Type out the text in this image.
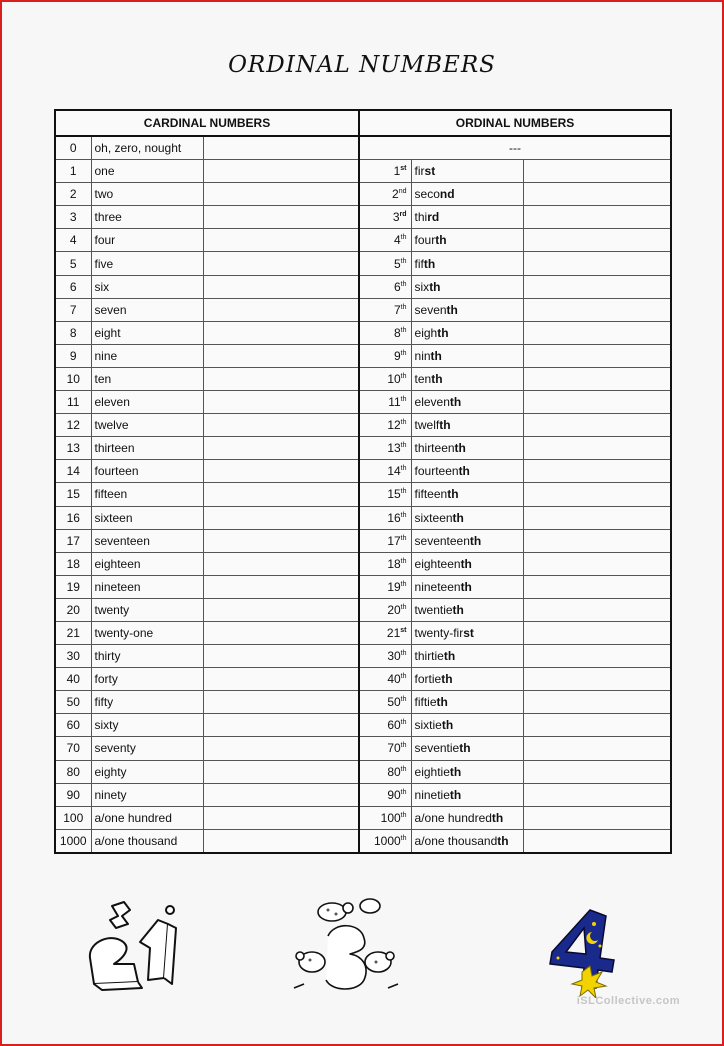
ORDINAL NUMBERS
CARDINAL NUMBERS			ORDINAL NUMBERS		
0	oh, zero, nought		---		
1	one		1st	first	
2	two		2nd	second	
3	three		3rd	third	
4	four		4th	fourth	
5	five		5th	fifth	
6	six		6th	sixth	
7	seven		7th	seventh	
8	eight		8th	eighth	
9	nine		9th	ninth	
10	ten		10th	tenth	
11	eleven		11th	eleventh	
12	twelve		12th	twelfth	
13	thirteen		13th	thirteenth	
14	fourteen		14th	fourteenth	
15	fifteen		15th	fifteenth	
16	sixteen		16th	sixteenth	
17	seventeen		17th	seventeenth	
18	eighteen		18th	eighteenth	
19	nineteen		19th	nineteenth	
20	twenty		20th	twentieth	
21	twenty-one		21st	twenty-first	
30	thirty		30th	thirtieth	
40	forty		40th	fortieth	
50	fifty		50th	fiftieth	
60	sixty		60th	sixtieth	
70	seventy		70th	seventieth	
80	eighty		80th	eightieth	
90	ninety		90th	ninetieth	
100	a/one hundred		100th	a/one hundredth	
1000	a/one thousand		1000th	a/one thousandth	
iSLCollective.com
